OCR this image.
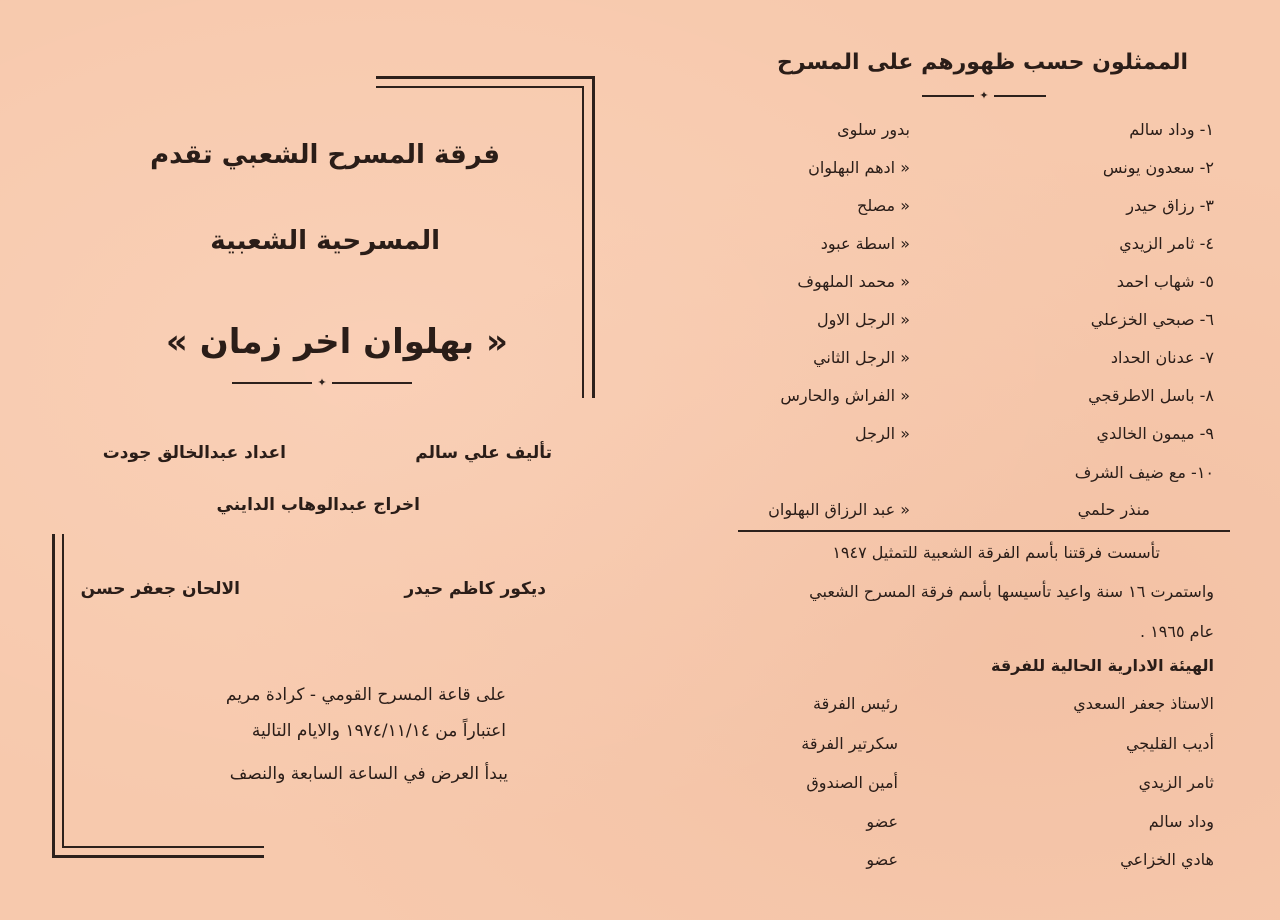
فرقة المسرح الشعبي تقدم
المسرحية الشعبية
« بهلوان اخر زمان »
✦
تأليف علي سالم
اعداد عبدالخالق جودت
اخراج عبدالوهاب الدايني
ديكور كاظم حيدر
الالحان جعفر حسن
على قاعة المسرح القومي - كرادة مريم
اعتباراً من ١٩٧٤/١١/١٤ والايام التالية
يبدأ العرض في الساعة السابعة والنصف
الممثلون حسب ظهورهم على المسرح
✦
١- وداد سالم
بدور سلوى
٢- سعدون يونس
« ادهم البهلوان
٣- رزاق حيدر
« مصلح
٤- ثامر الزيدي
« اسطة عبود
٥- شهاب احمد
« محمد الملهوف
٦- صبحي الخزعلي
« الرجل الاول
٧- عدنان الحداد
« الرجل الثاني
٨- باسل الاطرقجي
« الفراش والحارس
٩- ميمون الخالدي
« الرجل
١٠- مع ضيف الشرف
منذر حلمي
« عبد الرزاق البهلوان
تأسست فرقتنا بأسم الفرقة الشعبية للتمثيل ١٩٤٧
واستمرت ١٦ سنة واعيد تأسيسها بأسم فرقة المسرح الشعبي
عام ١٩٦٥ .
الهيئة الادارية الحالية للفرقة
الاستاذ جعفر السعدي
رئيس الفرقة
أديب القليجي
سكرتير الفرقة
ثامر الزيدي
أمين الصندوق
وداد سالم
عضو
هادي الخزاعي
عضو
